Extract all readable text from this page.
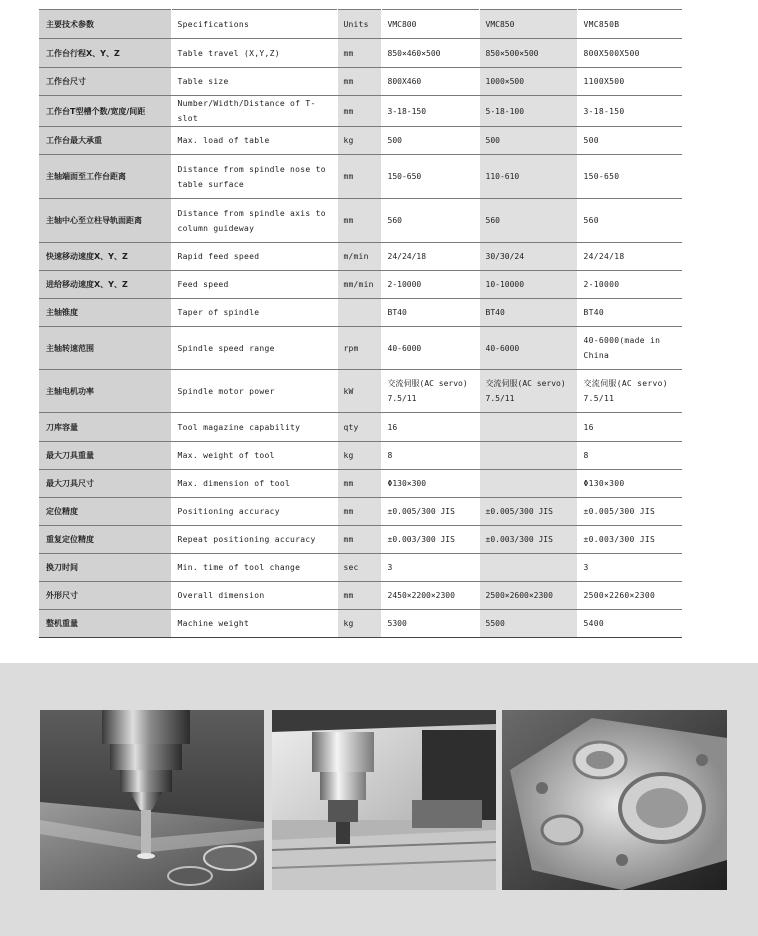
主要技术参数	Specifications	Units	VMC800	VMC850	VMC850B
工作台行程X、Y、Z	Table travel (X,Y,Z)	mm	850×460×500	850×500×500	800X500X500
工作台尺寸	Table size	mm	800X460	1000×500	1100X500
工作台T型槽个数/宽度/间距	Number/Width/Distance of T-slot	mm	3-18-150	5-18-100	3-18-150
工作台最大承重	Max. load of table	kg	500	500	500
主轴端面至工作台距离	Distance from spindle nose to table surface	mm	150-650	110-610	150-650
主轴中心至立柱导轨面距离	Distance from spindle axis to column guideway	mm	560	560	560
快速移动速度X、Y、Z	Rapid feed speed	m/min	24/24/18	30/30/24	24/24/18
进给移动速度X、Y、Z	Feed speed	mm/min	2-10000	10-10000	2-10000
主轴锥度	Taper of spindle		BT40	BT40	BT40
主轴转速范围	Spindle speed range	rpm	40-6000	40-6000	40-6000(made in China
主轴电机功率	Spindle motor power	kW	交流伺服(AC servo) 7.5/11	交流伺服(AC servo) 7.5/11	交流伺服(AC servo) 7.5/11
刀库容量	Tool magazine capability	qty	16		16
最大刀具重量	Max. weight of tool	kg	8		8
最大刀具尺寸	Max. dimension of tool	mm	Φ130×300		Φ130×300
定位精度	Positioning accuracy	mm	±0.005/300 JIS	±0.005/300 JIS	±0.005/300 JIS
重复定位精度	Repeat positioning accuracy	mm	±0.003/300 JIS	±0.003/300 JIS	±0.003/300 JIS
换刀时间	Min. time of tool change	sec	3		3
外形尺寸	Overall dimension	mm	2450×2200×2300	2500×2600×2300	2500×2260×2300
整机重量	Machine weight	kg	5300	5500	5400
